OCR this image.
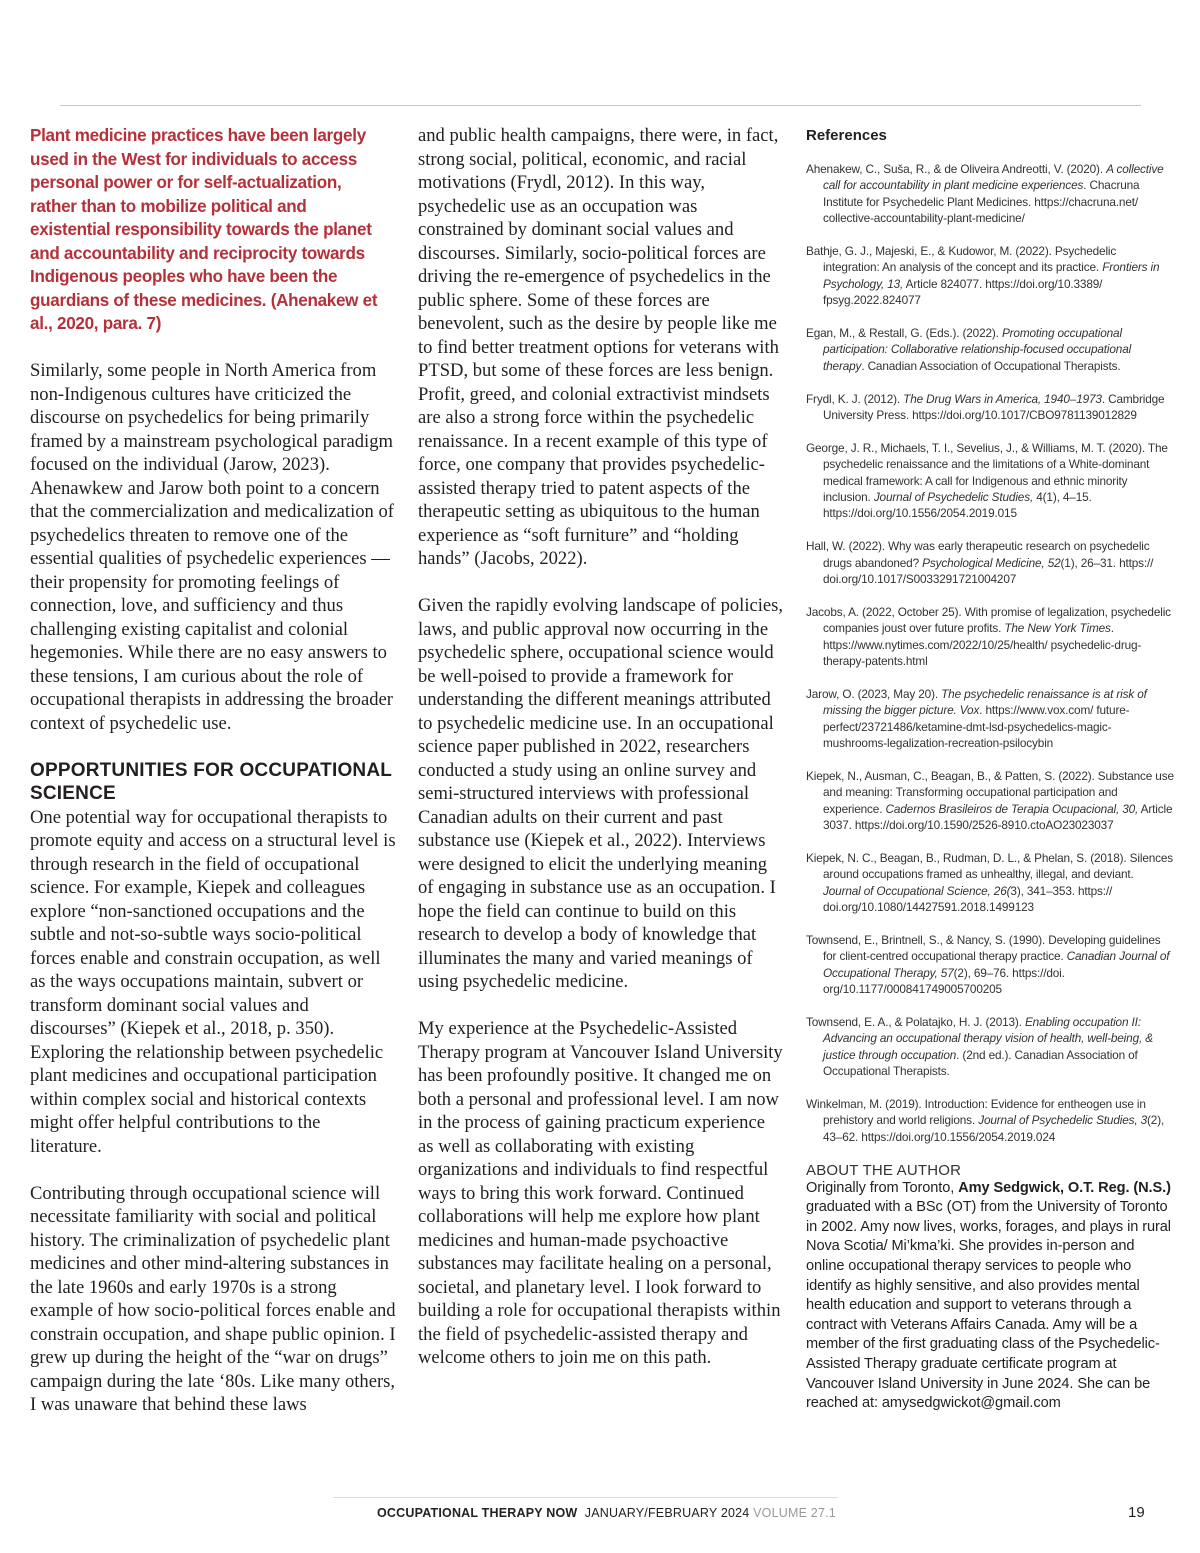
Plant medicine practices have been largely used in the West for individuals to access personal power or for self-actualization, rather than to mobilize political and existential responsibility towards the planet and accountability and reciprocity towards Indigenous peoples who have been the guardians of these medicines. (Ahenakew et al., 2020, para. 7)

Similarly, some people in North America from non-Indigenous cultures have criticized the discourse on psychedelics for being primarily framed by a mainstream psychological paradigm focused on the individual (Jarow, 2023). Ahenawkew and Jarow both point to a concern that the commercialization and medicalization of psychedelics threaten to remove one of the essential qualities of psychedelic experiences — their propensity for promoting feelings of connection, love, and sufficiency and thus challenging existing capitalist and colonial hegemonies. While there are no easy answers to these tensions, I am curious about the role of occupational therapists in addressing the broader context of psychedelic use.

OPPORTUNITIES FOR OCCUPATIONAL SCIENCE

One potential way for occupational therapists to promote equity and access on a structural level is through research in the field of occupational science. For example, Kiepek and colleagues explore “non-sanctioned occupations and the subtle and not-so-subtle ways socio-political forces enable and constrain occupation, as well as the ways occupations maintain, subvert or transform dominant social values and discourses” (Kiepek et al., 2018, p. 350). Exploring the relationship between psychedelic plant medicines and occupational participation within complex social and historical contexts might offer helpful contributions to the literature.

Contributing through occupational science will necessitate familiarity with social and political history. The criminalization of psychedelic plant medicines and other mind-altering substances in the late 1960s and early 1970s is a strong example of how socio-political forces enable and constrain occupation, and shape public opinion. I grew up during the height of the “war on drugs” campaign during the late ‘80s. Like many others, I was unaware that behind these laws

and public health campaigns, there were, in fact, strong social, political, economic, and racial motivations (Frydl, 2012). In this way, psychedelic use as an occupation was constrained by dominant social values and discourses. Similarly, socio-political forces are driving the re-emergence of psychedelics in the public sphere. Some of these forces are benevolent, such as the desire by people like me to find better treatment options for veterans with PTSD, but some of these forces are less benign. Profit, greed, and colonial extractivist mindsets are also a strong force within the psychedelic renaissance. In a recent example of this type of force, one company that provides psychedelic-assisted therapy tried to patent aspects of the therapeutic setting as ubiquitous to the human experience as “soft furniture” and “holding hands” (Jacobs, 2022).

Given the rapidly evolving landscape of policies, laws, and public approval now occurring in the psychedelic sphere, occupational science would be well-poised to provide a framework for understanding the different meanings attributed to psychedelic medicine use. In an occupational science paper published in 2022, researchers conducted a study using an online survey and semi-structured interviews with professional Canadian adults on their current and past substance use (Kiepek et al., 2022). Interviews were designed to elicit the underlying meaning of engaging in substance use as an occupation. I hope the field can continue to build on this research to develop a body of knowledge that illuminates the many and varied meanings of using psychedelic medicine.

My experience at the Psychedelic-Assisted Therapy program at Vancouver Island University has been profoundly positive. It changed me on both a personal and professional level. I am now in the process of gaining practicum experience as well as collaborating with existing organizations and individuals to find respectful ways to bring this work forward. Continued collaborations will help me explore how plant medicines and human-made psychoactive substances may facilitate healing on a personal, societal, and planetary level. I look forward to building a role for occupational therapists within the field of psychedelic-assisted therapy and welcome others to join me on this path.

References

Ahenakew, C., Suša, R., & de Oliveira Andreotti, V. (2020). A collective call for accountability in plant medicine experiences. Chacruna Institute for Psychedelic Plant Medicines. https://chacruna.net/ collective-accountability-plant-medicine/

Bathje, G. J., Majeski, E., & Kudowor, M. (2022). Psychedelic integration: An analysis of the concept and its practice. Frontiers in Psychology, 13, Article 824077. https://doi.org/10.3389/ fpsyg.2022.824077

Egan, M., & Restall, G. (Eds.). (2022). Promoting occupational participation: Collaborative relationship-focused occupational therapy. Canadian Association of Occupational Therapists.

Frydl, K. J. (2012). The Drug Wars in America, 1940–1973. Cambridge University Press. https://doi.org/10.1017/CBO9781139012829

George, J. R., Michaels, T. I., Sevelius, J., & Williams, M. T. (2020). The psychedelic renaissance and the limitations of a White-dominant medical framework: A call for Indigenous and ethnic minority inclusion. Journal of Psychedelic Studies, 4(1), 4–15. https://doi.org/10.1556/2054.2019.015

Hall, W. (2022). Why was early therapeutic research on psychedelic drugs abandoned? Psychological Medicine, 52(1), 26–31. https:// doi.org/10.1017/S0033291721004207

Jacobs, A. (2022, October 25). With promise of legalization, psychedelic companies joust over future profits. The New York Times. https://www.nytimes.com/2022/10/25/health/ psychedelic-drug-therapy-patents.html

Jarow, O. (2023, May 20). The psychedelic renaissance is at risk of missing the bigger picture. Vox. https://www.vox.com/ future-perfect/23721486/ketamine-dmt-lsd-psychedelics-magic-mushrooms-legalization-recreation-psilocybin

Kiepek, N., Ausman, C., Beagan, B., & Patten, S. (2022). Substance use and meaning: Transforming occupational participation and experience. Cadernos Brasileiros de Terapia Ocupacional, 30, Article 3037. https://doi.org/10.1590/2526-8910.ctoAO23023037

Kiepek, N. C., Beagan, B., Rudman, D. L., & Phelan, S. (2018). Silences around occupations framed as unhealthy, illegal, and deviant. Journal of Occupational Science, 26(3), 341–353. https:// doi.org/10.1080/14427591.2018.1499123

Townsend, E., Brintnell, S., & Nancy, S. (1990). Developing guidelines for client-centred occupational therapy practice. Canadian Journal of Occupational Therapy, 57(2), 69–76. https://doi. org/10.1177/000841749005700205

Townsend, E. A., & Polatajko, H. J. (2013). Enabling occupation II: Advancing an occupational therapy vision of health, well-being, & justice through occupation. (2nd ed.). Canadian Association of Occupational Therapists.

Winkelman, M. (2019). Introduction: Evidence for entheogen use in prehistory and world religions. Journal of Psychedelic Studies, 3(2), 43–62. https://doi.org/10.1556/2054.2019.024

ABOUT THE AUTHOR

Originally from Toronto, Amy Sedgwick, O.T. Reg. (N.S.) graduated with a BSc (OT) from the University of Toronto in 2002. Amy now lives, works, forages, and plays in rural Nova Scotia/ Mi’kma’ki. She provides in-person and online occupational therapy services to people who identify as highly sensitive, and also provides mental health education and support to veterans through a contract with Veterans Affairs Canada. Amy will be a member of the first graduating class of the Psychedelic-Assisted Therapy graduate certificate program at Vancouver Island University in June 2024. She can be reached at: amysedgwickot@gmail.com

OCCUPATIONAL THERAPY NOW JANUARY/FEBRUARY 2024 VOLUME 27.1	19
